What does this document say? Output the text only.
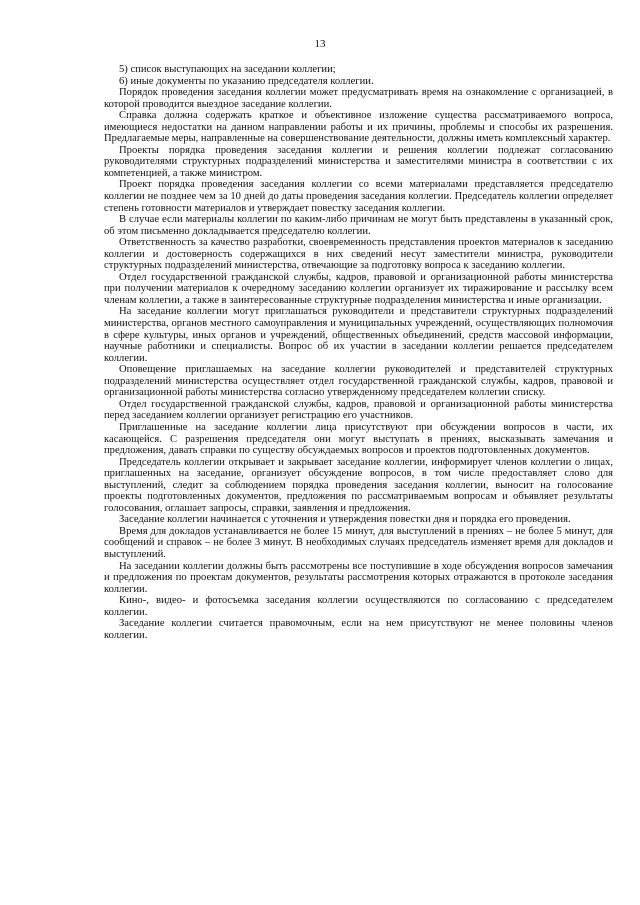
13

5) список выступающих на заседании коллегии;

6) иные документы по указанию председателя коллегии.

Порядок проведения заседания коллегии может предусматривать время на ознакомление с организацией, в которой проводится выездное заседание коллегии.

Справка должна содержать краткое и объективное изложение существа рассматриваемого вопроса, имеющиеся недостатки на данном направлении работы и их причины, проблемы и способы их разрешения. Предлагаемые меры, направленные на совершенствование деятельности, должны иметь комплексный характер.

Проекты порядка проведения заседания коллегии и решения коллегии подлежат согласованию руководителями структурных подразделений министерства и заместителями министра в соответствии с их компетенцией, а также министром.

Проект порядка проведения заседания коллегии со всеми материалами представляется председателю коллегии не позднее чем за 10 дней до даты проведения заседания коллегии. Председатель коллегии определяет степень готовности материалов и утверждает повестку заседания коллегии.

В случае если материалы коллегии по каким-либо причинам не могут быть представлены в указанный срок, об этом письменно докладывается председателю коллегии.

Ответственность за качество разработки, своевременность представления проектов материалов к заседанию коллегии и достоверность содержащихся в них сведений несут заместители министра, руководители структурных подразделений министерства, отвечающие за подготовку вопроса к заседанию коллегии.

Отдел государственной гражданской службы, кадров, правовой и организационной работы министерства при получении материалов к очередному заседанию коллегии организует их тиражирование и рассылку всем членам коллегии, а также в заинтересованные структурные подразделения министерства и иные организации.

На заседание коллегии могут приглашаться руководители и представители структурных подразделений министерства, органов местного самоуправления и муниципальных учреждений, осуществляющих полномочия в сфере культуры, иных органов и учреждений, общественных объединений, средств массовой информации, научные работники и специалисты. Вопрос об их участии в заседании коллегии решается председателем коллегии.

Оповещение приглашаемых на заседание коллегии руководителей и представителей структурных подразделений министерства осуществляет отдел государственной гражданской службы, кадров, правовой и организационной работы министерства согласно утвержденному председателем коллегии списку.

Отдел государственной гражданской службы, кадров, правовой и организационной работы министерства перед заседанием коллегии организует регистрацию его участников.

Приглашенные на заседание коллегии лица присутствуют при обсуждении вопросов в части, их касающейся. С разрешения председателя они могут выступать в прениях, высказывать замечания и предложения, давать справки по существу обсуждаемых вопросов и проектов подготовленных документов.

Председатель коллегии открывает и закрывает заседание коллегии, информирует членов коллегии о лицах, приглашенных на заседание, организует обсуждение вопросов, в том числе предоставляет слово для выступлений, следит за соблюдением порядка проведения заседания коллегии, выносит на голосование проекты подготовленных документов, предложения по рассматриваемым вопросам и объявляет результаты голосования, оглашает запросы, справки, заявления и предложения.

Заседание коллегии начинается с уточнения и утверждения повестки дня и порядка его проведения.

Время для докладов устанавливается не более 15 минут, для выступлений в прениях – не более 5 минут, для сообщений и справок – не более 3 минут. В необходимых случаях председатель изменяет время для докладов и выступлений.

На заседании коллегии должны быть рассмотрены все поступившие в ходе обсуждения вопросов замечания и предложения по проектам документов, результаты рассмотрения которых отражаются в протоколе заседания коллегии.

Кино-, видео- и фотосъемка заседания коллегии осуществляются по согласованию с председателем коллегии.

Заседание коллегии считается правомочным, если на нем присутствуют не менее половины членов коллегии.
